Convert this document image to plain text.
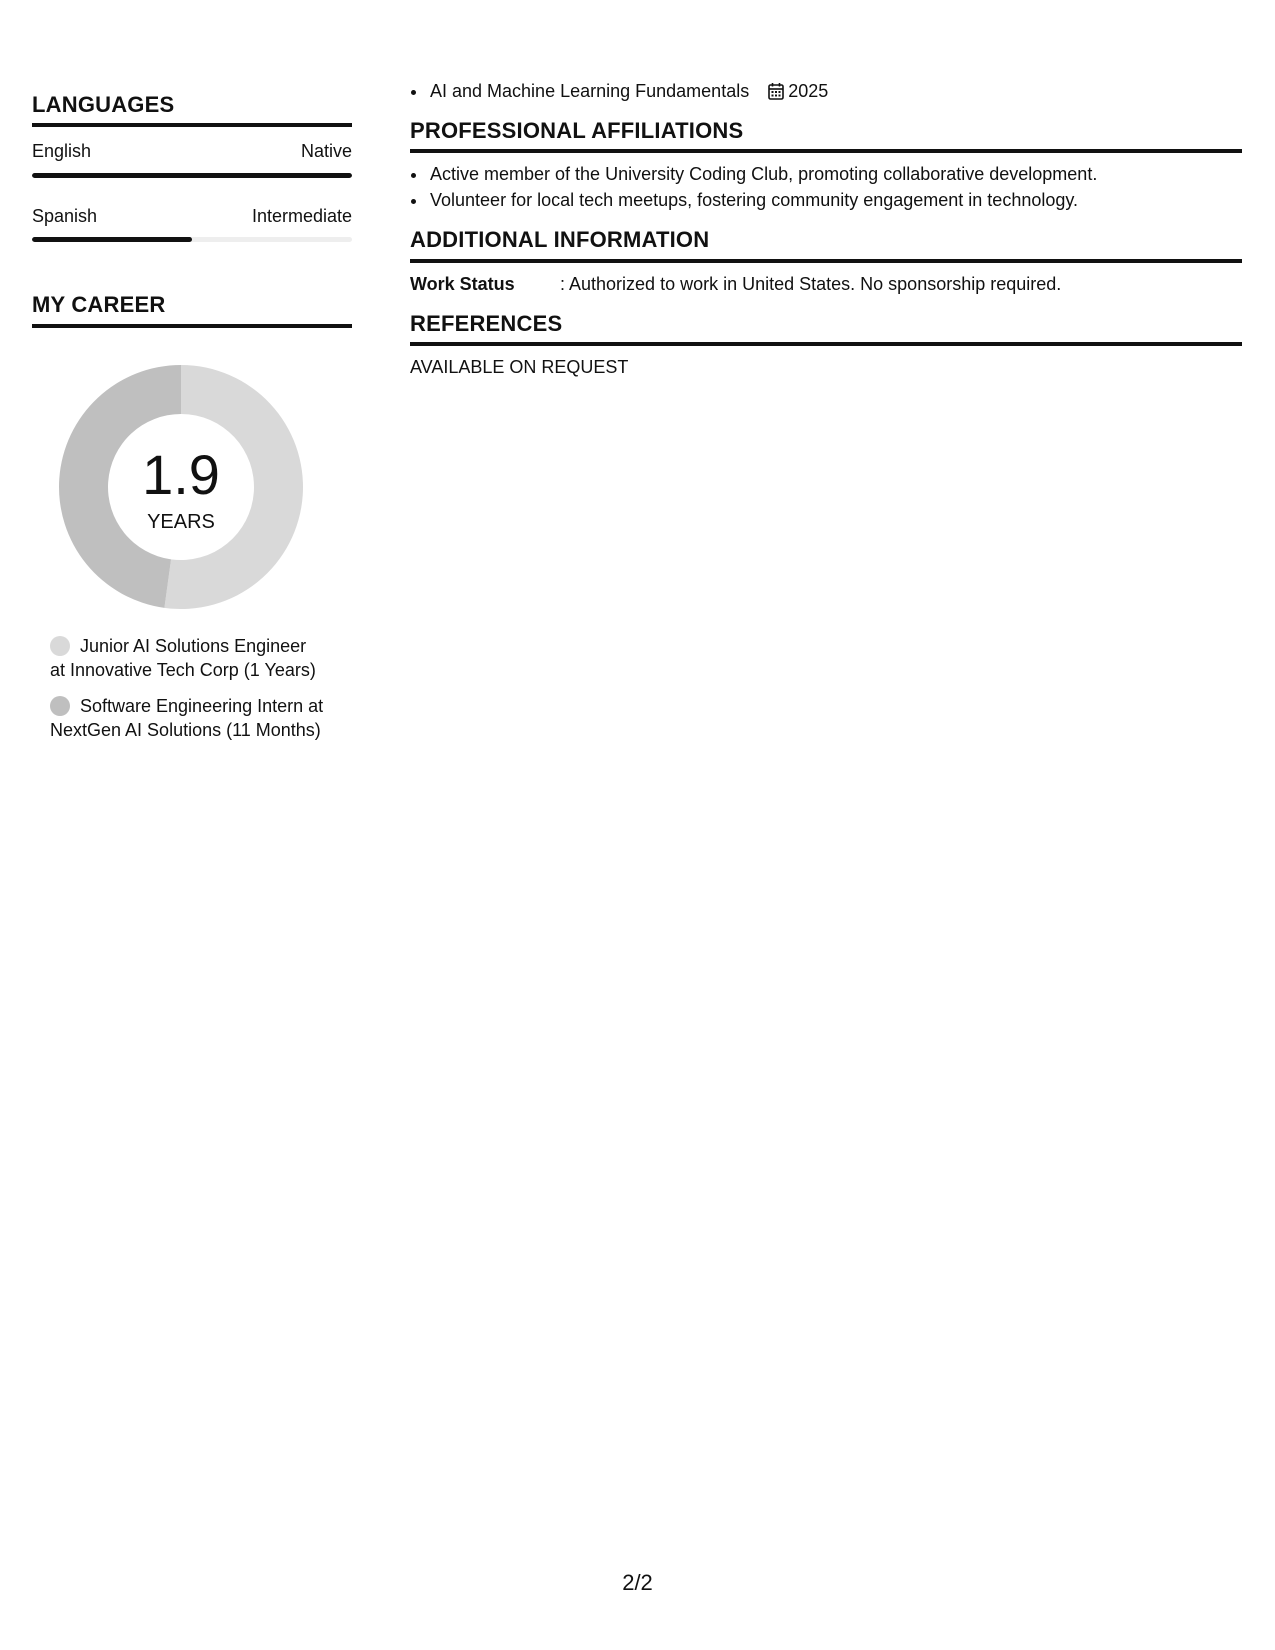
LANGUAGES
English	Native
Spanish	Intermediate
MY CAREER
1.9
YEARS
Junior AI Solutions Engineer at Innovative Tech Corp (1 Years)
Software Engineering Intern at NextGen AI Solutions (11 Months)
• AI and Machine Learning Fundamentals 2025
PROFESSIONAL AFFILIATIONS
• Active member of the University Coding Club, promoting collaborative development.
• Volunteer for local tech meetups, fostering community engagement in technology.
ADDITIONAL INFORMATION
Work Status	: Authorized to work in United States. No sponsorship required.
REFERENCES
AVAILABLE ON REQUEST
2/2
